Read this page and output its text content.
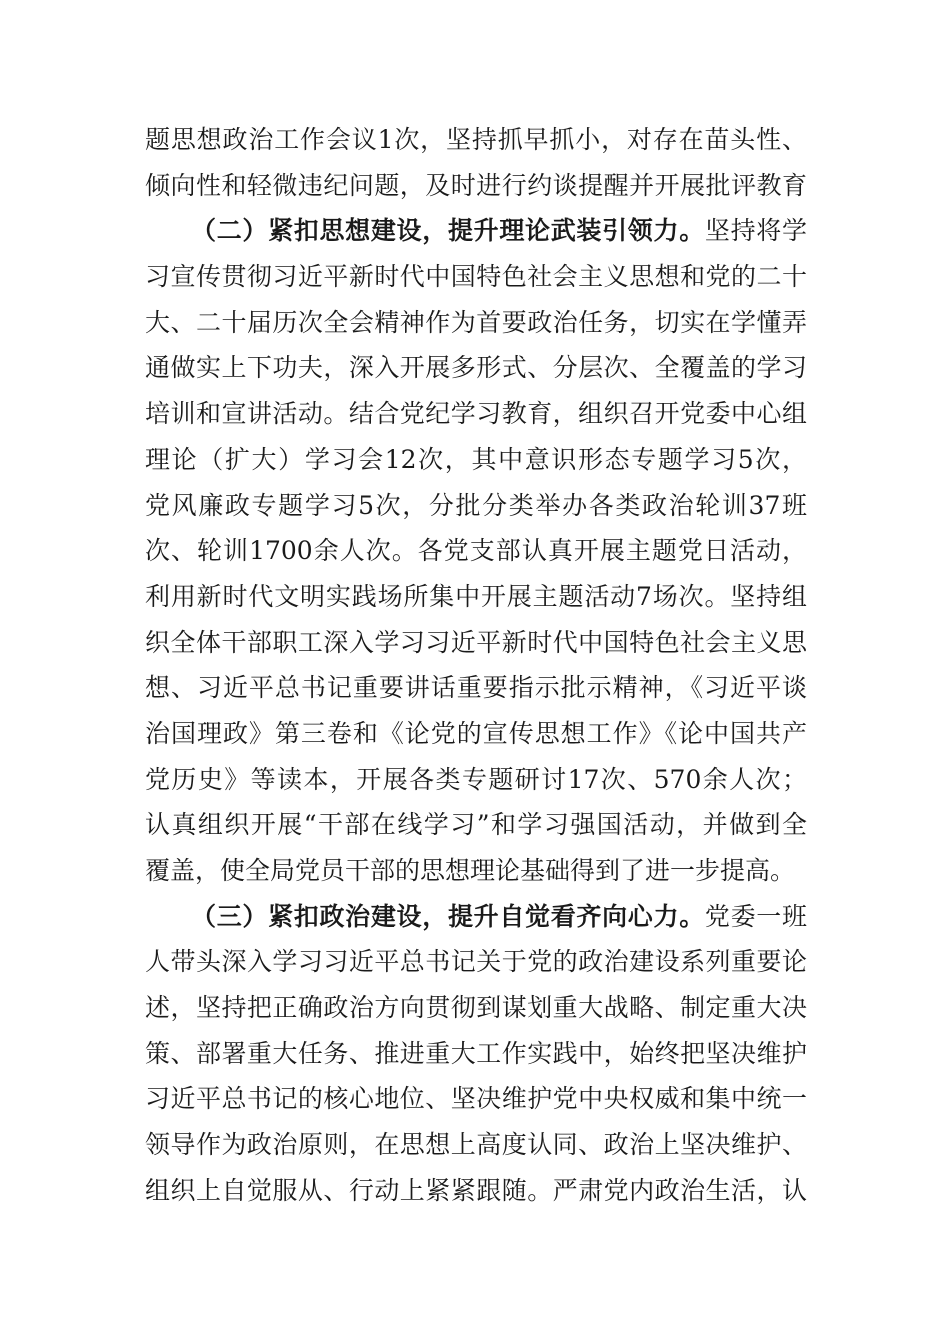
题思想政治工作会议1次，坚持抓早抓小，对存在苗头性、
倾向性和轻微违纪问题，及时进行约谈提醒并开展批评教育
（二）紧扣思想建设，提升理论武装引领力。坚持将学
习宣传贯彻习近平新时代中国特色社会主义思想和党的二十
大、二十届历次全会精神作为首要政治任务，切实在学懂弄
通做实上下功夫，深入开展多形式、分层次、全覆盖的学习
培训和宣讲活动。结合党纪学习教育，组织召开党委中心组
理论（扩大）学习会12次，其中意识形态专题学习5次，
党风廉政专题学习5次，分批分类举办各类政治轮训37班
次、轮训1700余人次。各党支部认真开展主题党日活动，
利用新时代文明实践场所集中开展主题活动7场次。坚持组
织全体干部职工深入学习习近平新时代中国特色社会主义思
想、习近平总书记重要讲话重要指示批示精神，《习近平谈
治国理政》第三卷和《论党的宣传思想工作》《论中国共产
党历史》等读本，开展各类专题研讨17次、570余人次；
认真组织开展“干部在线学习”和学习强国活动，并做到全
覆盖，使全局党员干部的思想理论基础得到了进一步提高。
（三）紧扣政治建设，提升自觉看齐向心力。党委一班
人带头深入学习习近平总书记关于党的政治建设系列重要论
述，坚持把正确政治方向贯彻到谋划重大战略、制定重大决
策、部署重大任务、推进重大工作实践中，始终把坚决维护
习近平总书记的核心地位、坚决维护党中央权威和集中统一
领导作为政治原则，在思想上高度认同、政治上坚决维护、
组织上自觉服从、行动上紧紧跟随。严肃党内政治生活，认
